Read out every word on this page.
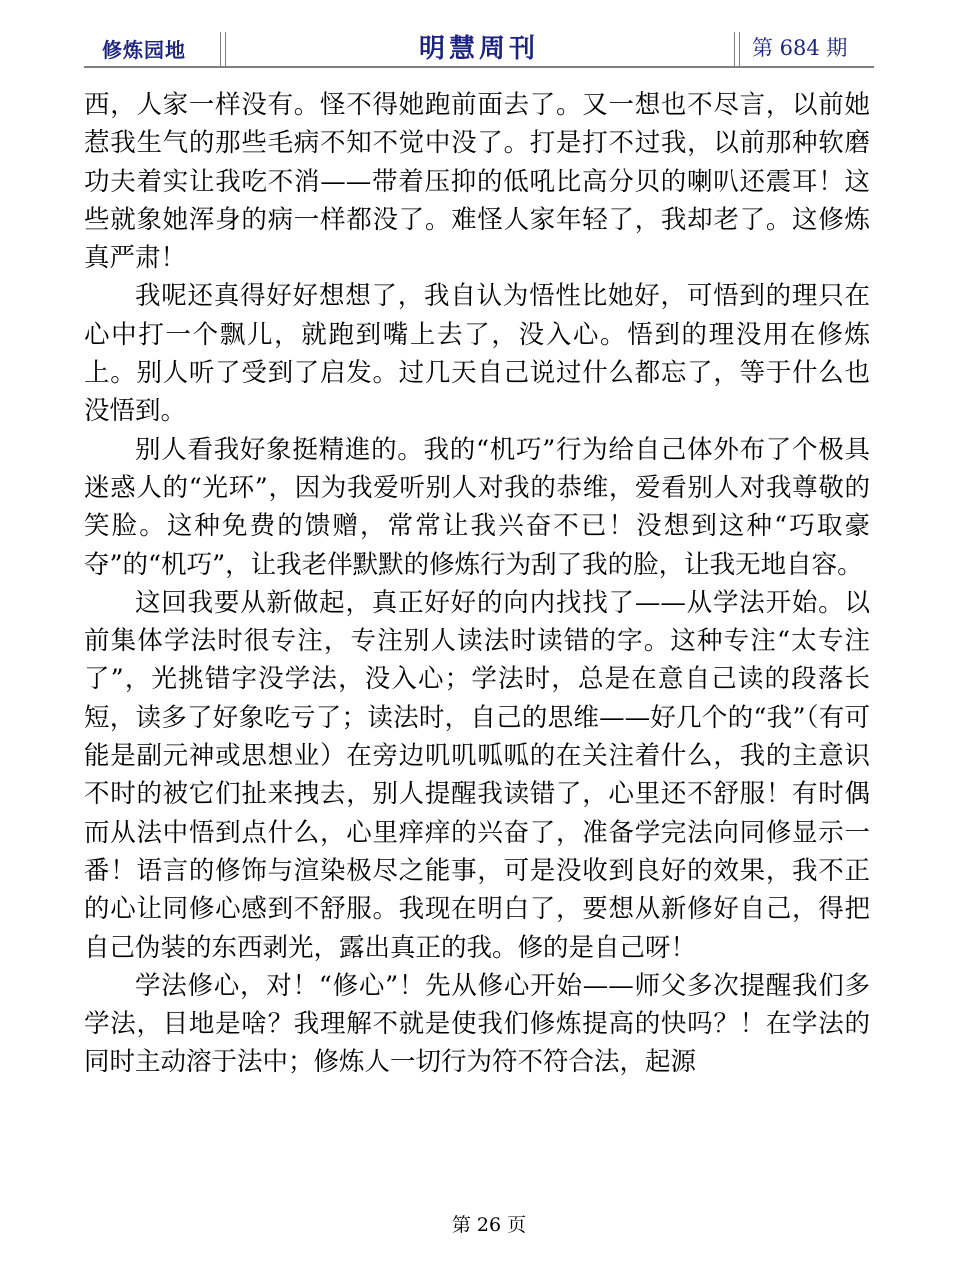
修炼园地	明慧周刊	第 684 期

西，人家一样没有。怪不得她跑前面去了。又一想也不尽言，以前她惹我生气的那些毛病不知不觉中没了。打是打不过我，以前那种软磨功夫着实让我吃不消——带着压抑的低吼比高分贝的喇叭还震耳！这些就象她浑身的病一样都没了。难怪人家年轻了，我却老了。这修炼真严肃！

我呢还真得好好想想了，我自认为悟性比她好，可悟到的理只在心中打一个飘儿，就跑到嘴上去了，没入心。悟到的理没用在修炼上。别人听了受到了启发。过几天自己说过什么都忘了，等于什么也没悟到。

别人看我好象挺精進的。我的“机巧”行为给自己体外布了个极具迷惑人的“光环”，因为我爱听别人对我的恭维，爱看别人对我尊敬的笑脸。这种免费的馈赠，常常让我兴奋不已！没想到这种“巧取豪夺”的“机巧”，让我老伴默默的修炼行为刮了我的脸，让我无地自容。

这回我要从新做起，真正好好的向内找找了——从学法开始。以前集体学法时很专注，专注别人读法时读错的字。这种专注“太专注了”，光挑错字没学法，没入心；学法时，总是在意自己读的段落长短，读多了好象吃亏了；读法时，自己的思维——好几个的“我”（有可能是副元神或思想业）在旁边叽叽呱呱的在关注着什么，我的主意识不时的被它们扯来拽去，别人提醒我读错了，心里还不舒服！有时偶而从法中悟到点什么，心里痒痒的兴奋了，准备学完法向同修显示一番！语言的修饰与渲染极尽之能事，可是没收到良好的效果，我不正的心让同修心感到不舒服。我现在明白了，要想从新修好自己，得把自己伪装的东西剥光，露出真正的我。修的是自己呀！

学法修心，对！“修心”！先从修心开始——师父多次提醒我们多学法，目地是啥？我理解不就是使我们修炼提高的快吗？！在学法的同时主动溶于法中；修炼人一切行为符不符合法，起源

第 26 页
